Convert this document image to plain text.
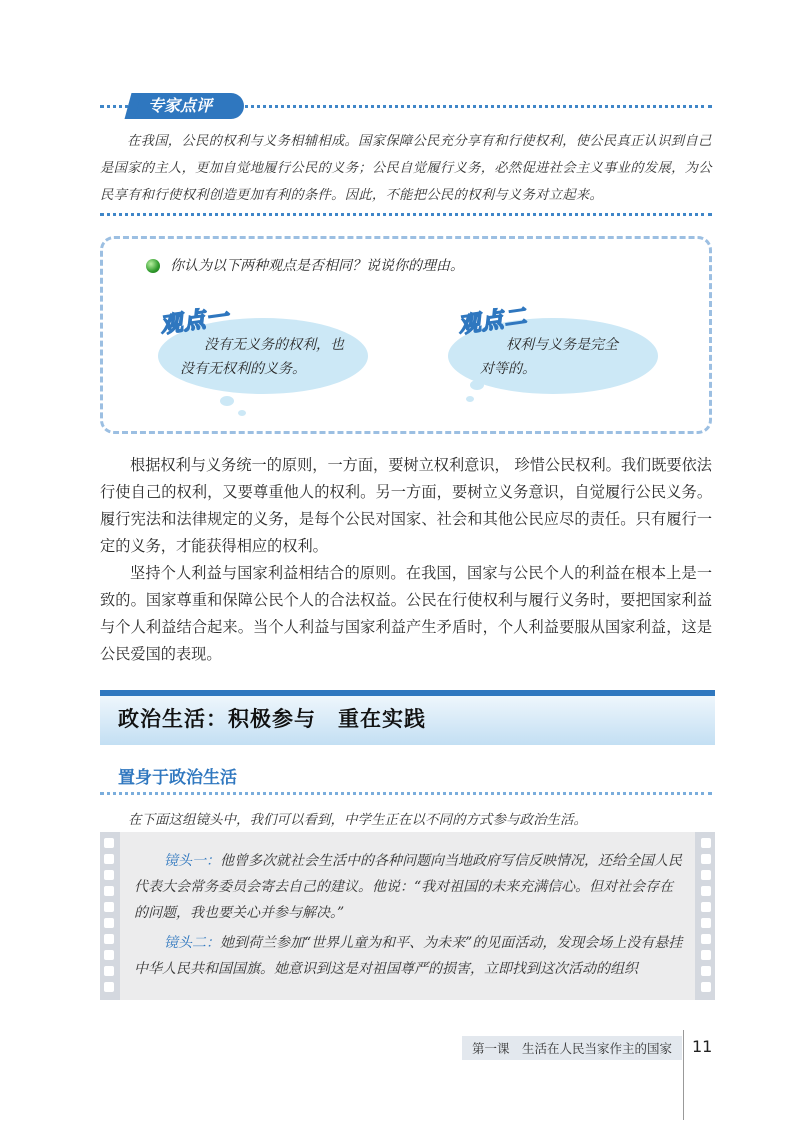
专家点评
在我国，公民的权利与义务相辅相成。国家保障公民充分享有和行使权利，使公民真正认识到自己是国家的主人，更加自觉地履行公民的义务；公民自觉履行义务，必然促进社会主义事业的发展，为公民享有和行使权利创造更加有利的条件。因此，不能把公民的权利与义务对立起来。
你认为以下两种观点是否相同？说说你的理由。
观点一
没有无义务的权利，也
没有无权利的义务。
观点二
权利与义务是完全
对等的。
根据权利与义务统一的原则，一方面，要树立权利意识， 珍惜公民权利。我们既要依法行使自己的权利，又要尊重他人的权利。另一方面，要树立义务意识，自觉履行公民义务。履行宪法和法律规定的义务，是每个公民对国家、社会和其他公民应尽的责任。只有履行一定的义务，才能获得相应的权利。
坚持个人利益与国家利益相结合的原则。在我国，国家与公民个人的利益在根本上是一致的。国家尊重和保障公民个人的合法权益。公民在行使权利与履行义务时，要把国家利益与个人利益结合起来。当个人利益与国家利益产生矛盾时，个人利益要服从国家利益，这是公民爱国的表现。
政治生活：积极参与　重在实践
置身于政治生活
在下面这组镜头中，我们可以看到，中学生正在以不同的方式参与政治生活。
镜头一：他曾多次就社会生活中的各种问题向当地政府写信反映情况，还给全国人民代表大会常务委员会寄去自己的建议。他说：“我对祖国的未来充满信心。但对社会存在的问题，我也要关心并参与解决。”
镜头二：她到荷兰参加“世界儿童为和平、为未来”的见面活动，发现会场上没有悬挂中华人民共和国国旗。她意识到这是对祖国尊严的损害，立即找到这次活动的组织
第一课　生活在人民当家作主的国家 11
